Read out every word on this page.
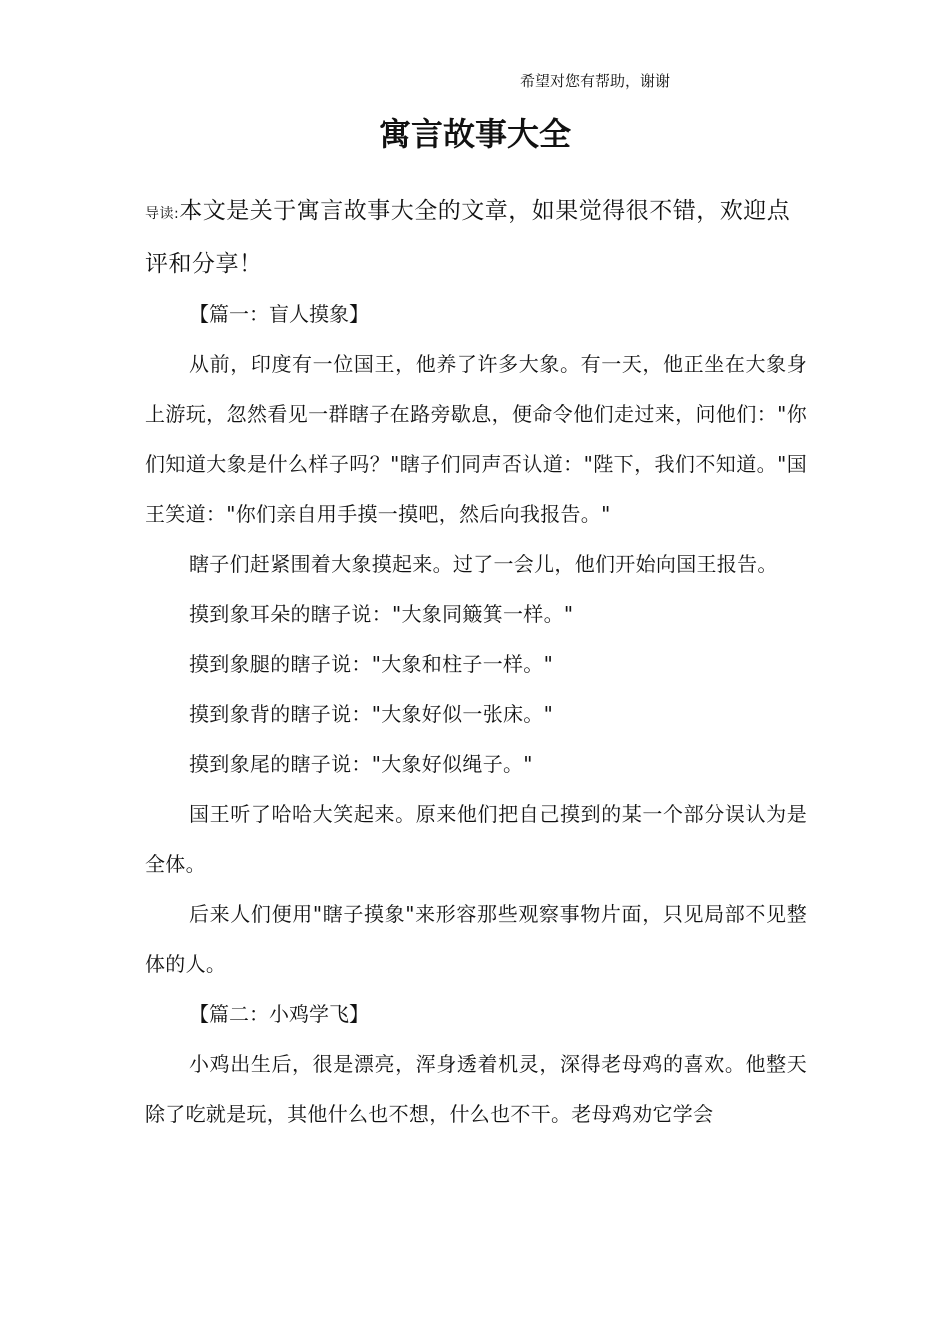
希望对您有帮助，谢谢
寓言故事大全

导读:本文是关于寓言故事大全的文章，如果觉得很不错，欢迎点评和分享！

【篇一：盲人摸象】

从前，印度有一位国王，他养了许多大象。有一天，他正坐在大象身上游玩，忽然看见一群瞎子在路旁歇息，便命令他们走过来，问他们："你们知道大象是什么样子吗？"瞎子们同声否认道："陛下，我们不知道。"国王笑道："你们亲自用手摸一摸吧，然后向我报告。"

瞎子们赶紧围着大象摸起来。过了一会儿，他们开始向国王报告。

摸到象耳朵的瞎子说："大象同簸箕一样。"

摸到象腿的瞎子说："大象和柱子一样。"

摸到象背的瞎子说："大象好似一张床。"

摸到象尾的瞎子说："大象好似绳子。"

国王听了哈哈大笑起来。原来他们把自己摸到的某一个部分误认为是全体。

后来人们便用"瞎子摸象"来形容那些观察事物片面，只见局部不见整体的人。

【篇二：小鸡学飞】

小鸡出生后，很是漂亮，浑身透着机灵，深得老母鸡的喜欢。他整天除了吃就是玩，其他什么也不想，什么也不干。老母鸡劝它学会
